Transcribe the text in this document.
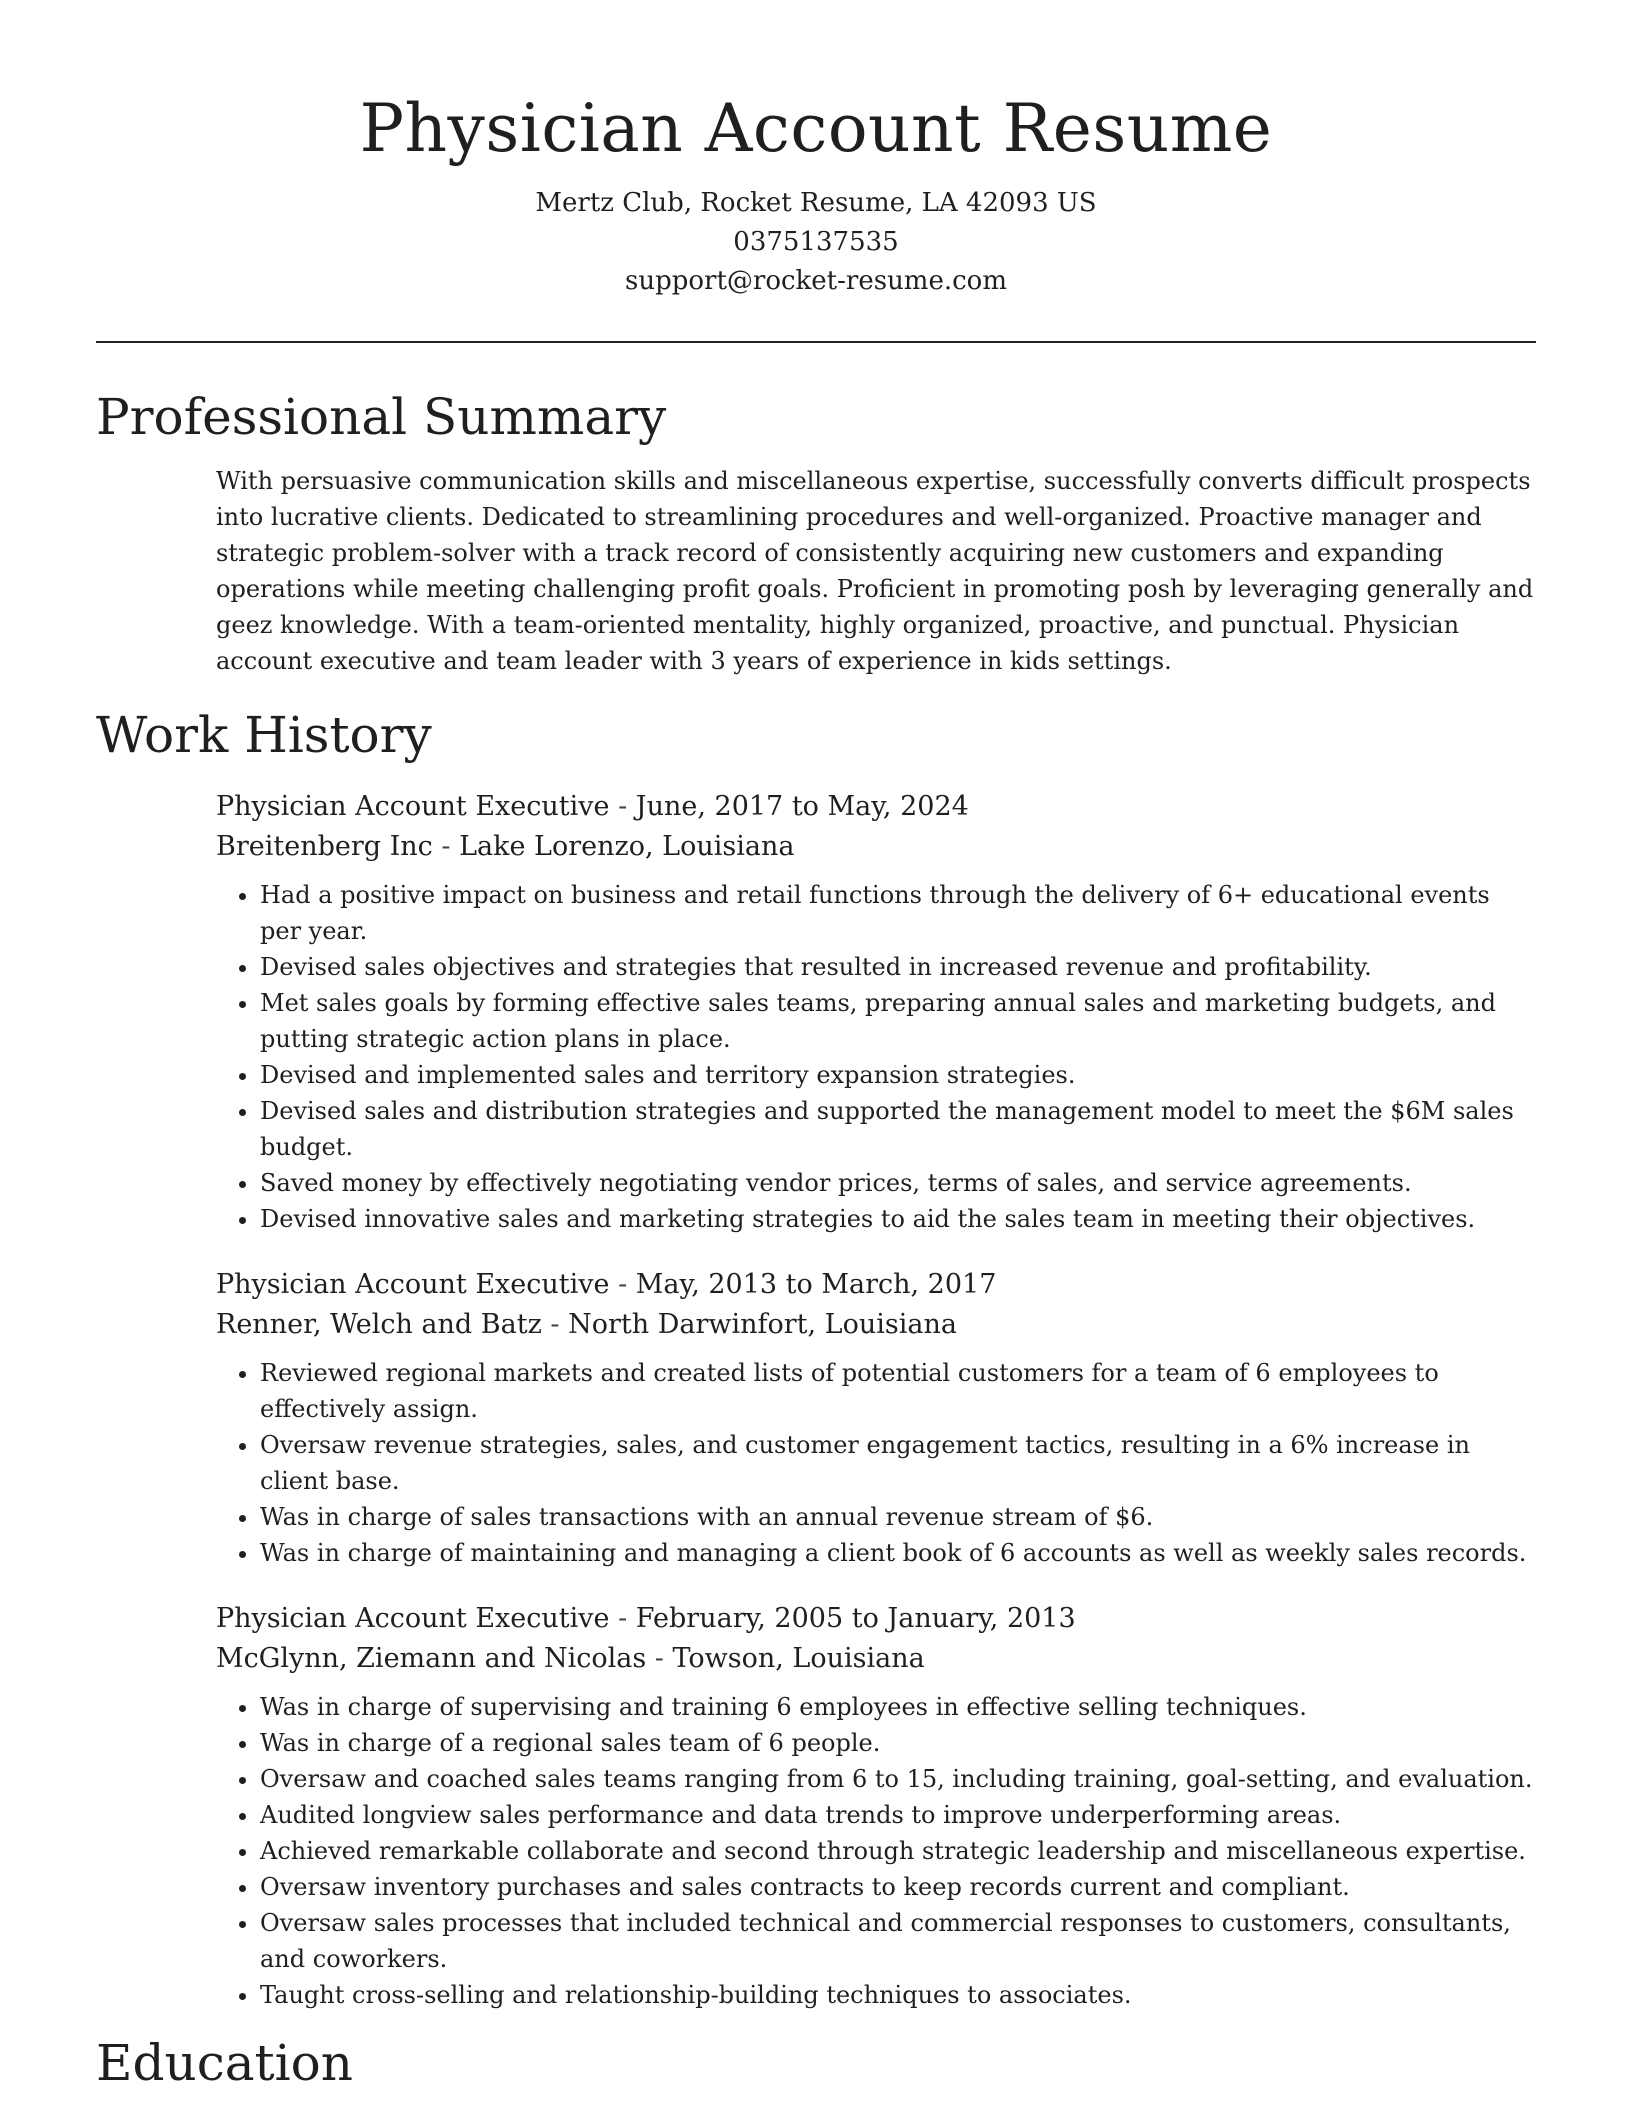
Physician Account Resume
Mertz Club, Rocket Resume, LA 42093 US
0375137535
support@rocket-resume.com
Professional Summary

With persuasive communication skills and miscellaneous expertise, successfully converts difficult prospects into lucrative clients. Dedicated to streamlining procedures and well-organized. Proactive manager and strategic problem-solver with a track record of consistently acquiring new customers and expanding operations while meeting challenging profit goals. Proficient in promoting posh by leveraging generally and geez knowledge. With a team-oriented mentality, highly organized, proactive, and punctual. Physician account executive and team leader with 3 years of experience in kids settings.

Work History
Physician Account Executive - June, 2017 to May, 2024
Breitenberg Inc - Lake Lorenzo, Louisiana
• Had a positive impact on business and retail functions through the delivery of 6+ educational events per year.
• Devised sales objectives and strategies that resulted in increased revenue and profitability.
• Met sales goals by forming effective sales teams, preparing annual sales and marketing budgets, and putting strategic action plans in place.
• Devised and implemented sales and territory expansion strategies.
• Devised sales and distribution strategies and supported the management model to meet the $6M sales budget.
• Saved money by effectively negotiating vendor prices, terms of sales, and service agreements.
• Devised innovative sales and marketing strategies to aid the sales team in meeting their objectives.
Physician Account Executive - May, 2013 to March, 2017
Renner, Welch and Batz - North Darwinfort, Louisiana
• Reviewed regional markets and created lists of potential customers for a team of 6 employees to effectively assign.
• Oversaw revenue strategies, sales, and customer engagement tactics, resulting in a 6% increase in client base.
• Was in charge of sales transactions with an annual revenue stream of $6.
• Was in charge of maintaining and managing a client book of 6 accounts as well as weekly sales records.
Physician Account Executive - February, 2005 to January, 2013
McGlynn, Ziemann and Nicolas - Towson, Louisiana
• Was in charge of supervising and training 6 employees in effective selling techniques.
• Was in charge of a regional sales team of 6 people.
• Oversaw and coached sales teams ranging from 6 to 15, including training, goal-setting, and evaluation.
• Audited longview sales performance and data trends to improve underperforming areas.
• Achieved remarkable collaborate and second through strategic leadership and miscellaneous expertise.
• Oversaw inventory purchases and sales contracts to keep records current and compliant.
• Oversaw sales processes that included technical and commercial responses to customers, consultants, and coworkers.
• Taught cross-selling and relationship-building techniques to associates.
Education
